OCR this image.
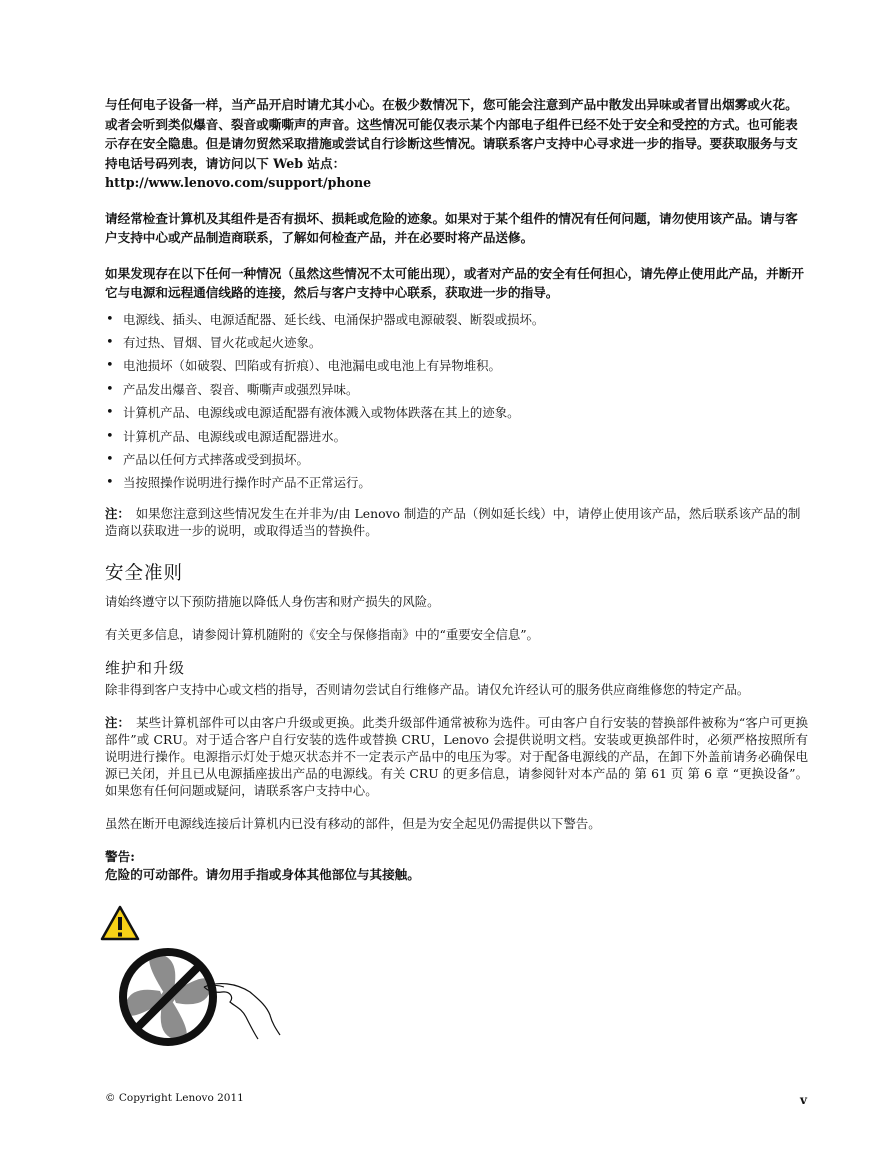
与任何电子设备一样，当产品开启时请尤其小心。在极少数情况下，您可能会注意到产品中散发出异味或者冒出烟雾或火花。或者会听到类似爆音、裂音或嘶嘶声的声音。这些情况可能仅表示某个内部电子组件已经不处于安全和受控的方式。也可能表示存在安全隐患。但是请勿贸然采取措施或尝试自行诊断这些情况。请联系客户支持中心寻求进一步的指导。要获取服务与支持电话号码列表，请访问以下 Web 站点：

http://www.lenovo.com/support/phone

请经常检查计算机及其组件是否有损坏、损耗或危险的迹象。如果对于某个组件的情况有任何问题，请勿使用该产品。请与客户支持中心或产品制造商联系，了解如何检查产品，并在必要时将产品送修。

如果发现存在以下任何一种情况（虽然这些情况不太可能出现），或者对产品的安全有任何担心，请先停止使用此产品，并断开它与电源和远程通信线路的连接，然后与客户支持中心联系，获取进一步的指导。

• 电源线、插头、电源适配器、延长线、电涌保护器或电源破裂、断裂或损坏。
• 有过热、冒烟、冒火花或起火迹象。
• 电池损坏（如破裂、凹陷或有折痕）、电池漏电或电池上有异物堆积。
• 产品发出爆音、裂音、嘶嘶声或强烈异味。
• 计算机产品、电源线或电源适配器有液体溅入或物体跌落在其上的迹象。
• 计算机产品、电源线或电源适配器进水。
• 产品以任何方式摔落或受到损坏。
• 当按照操作说明进行操作时产品不正常运行。

注： 如果您注意到这些情况发生在并非为/由 Lenovo 制造的产品（例如延长线）中，请停止使用该产品，然后联系该产品的制造商以获取进一步的说明，或取得适当的替换件。

安全准则

请始终遵守以下预防措施以降低人身伤害和财产损失的风险。

有关更多信息，请参阅计算机随附的《安全与保修指南》中的“重要安全信息”。

维护和升级

除非得到客户支持中心或文档的指导，否则请勿尝试自行维修产品。请仅允许经认可的服务供应商维修您的特定产品。

注： 某些计算机部件可以由客户升级或更换。此类升级部件通常被称为选件。可由客户自行安装的替换部件被称为“客户可更换部件”或 CRU。对于适合客户自行安装的选件或替换 CRU，Lenovo 会提供说明文档。安装或更换部件时，必须严格按照所有说明进行操作。电源指示灯处于熄灭状态并不一定表示产品中的电压为零。对于配备电源线的产品，在卸下外盖前请务必确保电源已关闭，并且已从电源插座拔出产品的电源线。有关 CRU 的更多信息，请参阅针对本产品的 第 61 页 第 6 章 “更换设备”。如果您有任何问题或疑问，请联系客户支持中心。

虽然在断开电源线连接后计算机内已没有移动的部件，但是为安全起见仍需提供以下警告。

警告:

危险的可动部件。请勿用手指或身体其他部位与其接触。

© Copyright Lenovo 2011	v
